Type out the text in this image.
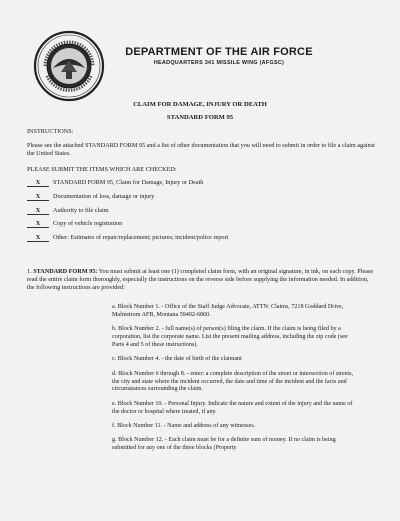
· · ·
DEPARTMENT OF THE AIR FORCE
HEADQUARTERS 341 MISSILE WING (AFGSC)
CLAIM FOR DAMAGE, INJURY OR DEATH
STANDARD FORM 95
INSTRUCTIONS:
Please see the attached STANDARD FORM 95 and a list of other documentation that you will need to submit in order to file a claim against the United States.
PLEASE SUBMIT THE ITEMS WHICH ARE CHECKED:
X	STANDARD FORM 95, Claim for Damage, Injury or Death
X	Documentation of loss, damage or injury
X	Authority to file claim
X	Copy of vehicle registration
X	Other: Estimates of repair/replacement; pictures; incident/police report
1. STANDARD FORM 95: You must submit at least one (1) completed claim form, with an original signature, in ink, on each copy. Please read the entire claim form thoroughly, especially the instructions on the reverse side before supplying the information needed. In addition, the following instructions are provided:
a. Block Number 1. - Office of the Staff Judge Advocate, ATTN: Claims, 7218 Goddard Drive, Malmstrom AFB, Montana 59402-6860.
b. Block Number 2. - full name(s) of person(s) filing the claim. If the claim is being filed by a corporation, list the corporate name. List the present mailing address, including the zip code (see Parts 4 and 5 of these instructions).
c. Block Number 4. - the date of birth of the claimant
d. Block Number 6 through 8. - enter: a complete description of the street or intersection of streets, the city and state where the incident occurred, the date and time of the incident and the facts and circumstances surrounding the claim.
e. Block Number 10. - Personal Injury. Indicate the nature and extent of the injury and the name of the doctor or hospital where treated, if any.
f. Block Number 11. - Name and address of any witnesses.
g. Block Number 12. - Each claim must be for a definite sum of money. If no claim is being submitted for any one of the three blocks (Property
